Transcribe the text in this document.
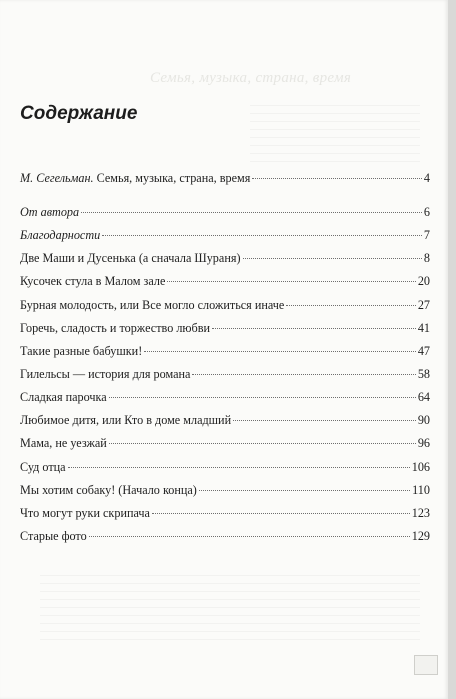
Семья, музыка, страна, время
Содержание
М. Сегельман. Семья, музыка, страна, время	4
От автора	6
Благодарности	7
Две Маши и Дусенька (а сначала Шураня)	8
Кусочек стула в Малом зале	20
Бурная молодость, или Все могло сложиться иначе	27
Горечь, сладость и торжество любви	41
Такие разные бабушки!	47
Гилельсы — история для романа	58
Сладкая парочка	64
Любимое дитя, или Кто в доме младший	90
Мама, не уезжай	96
Суд отца	106
Мы хотим собаку! (Начало конца)	110
Что могут руки скрипача	123
Старые фото	129
